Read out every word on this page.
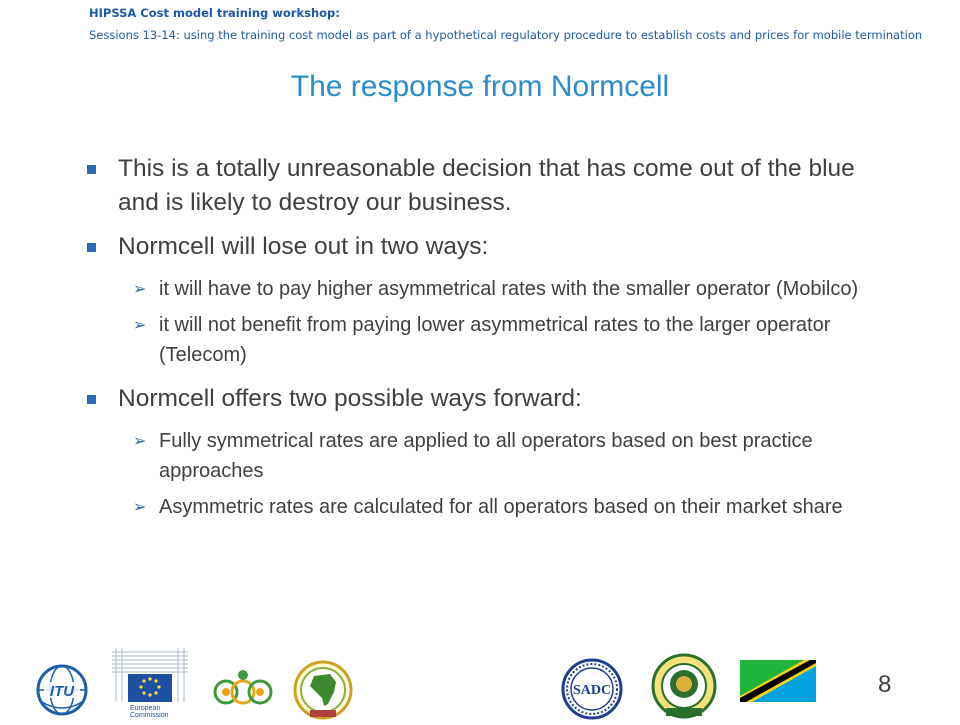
HIPSSA Cost model training workshop:
Sessions 13-14: using the training cost model as part of a hypothetical regulatory procedure to establish costs and prices for mobile termination
The response from Normcell
This is a totally unreasonable decision that has come out of the blue and is likely to destroy our business.
Normcell will lose out in two ways:
➢ it will have to pay higher asymmetrical rates with the smaller operator (Mobilco)
➢ it will not benefit from paying lower asymmetrical rates to the larger operator (Telecom)
Normcell offers two possible ways forward:
➢ Fully symmetrical rates are applied to all operators based on best practice approaches
➢ Asymmetric rates are calculated for all operators based on their market share
ITU
European
Commission
SADC	8
